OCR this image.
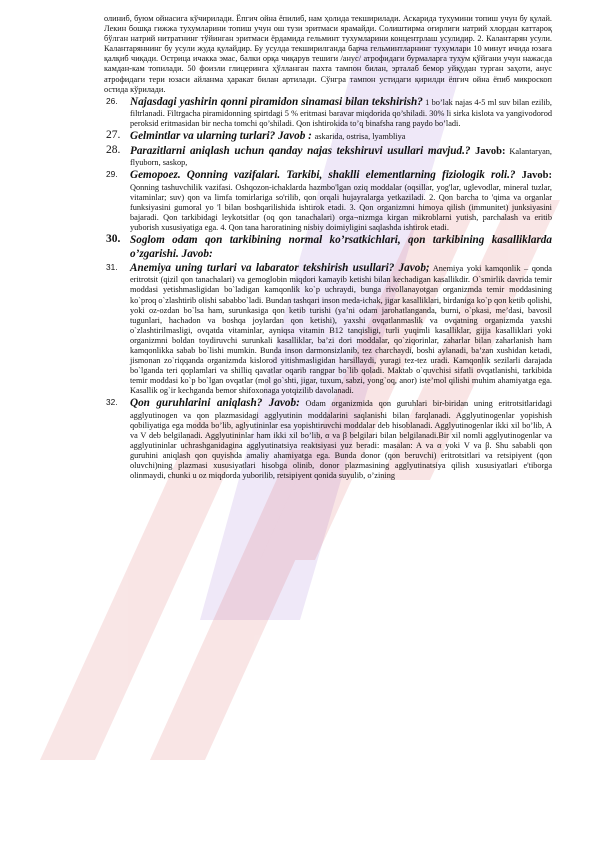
олиниб, буюм ойнасига кўчирилади. Ёпгич ойна ёпилиб, нам ҳолида текширилади. Аскарида тухумини топиш учун бу қулай. Лекин бошқа гижжа тухумларини топиш учун ош тузи эритмаси ярамайди. Солиштирма оғирлиги натрий хлордан каттароқ бўлган натрий нитратнинг тўйинган эритмаси ёрдамида гельминт тухумларини концентрлаш усулидир. 2. Калантарян усули. Калантаряннинг бу усули жуда қулайдир. Бу усулда текширилганда барча гельминтларнинг тухумлари 10 минут ичида юзага қалқиб чиқади. Острица ичакка эмас, балки орқа чиқарув тешиги /анус/ атрофидаги бурмаларга тухум қўйгани учун нажасда камдан-кам топилади. 50 фоизли глицеринга ҳўлланган пахта тампон билан, эрталаб бемор уйқудан турган заҳоти, анус атрофидаги тери юзаси айланма ҳаракат билан артилади. Сўнгра тампон устидаги қирилди ёпгич ойна ёпиб микроскоп остида кўрилади.

26.	Najasdagi yashirin qonni piramidon sinamasi bilan tekshirish? 1 bo’lak najas 4-5 ml suv bilan ezilib, filtrlanadi. Filtrgacha piramidonning spirtdagi 5 % eritmasi baravar miqdorida qo’shiladi. 30% li sirka kislota va yangivodorod peroksid eritmasidan bir necha tomchi qo’shiladi. Qon ishtirokida to’q binafsha rang paydo bo’ladi.
27. Gelmintlar va ularning turlari? Javob : askarida, ostrisa, lyambliya
28. Parazitlarni aniqlash uchun qanday najas tekshiruvi usullari mavjud.? Javob: Kalantaryan, flyuborn, saskop,
29.	Gemopoez. Qonning vazifalari. Tarkibi, shaklli elementlarning fiziologik roli.? Javob: Qonning tashuvchilik vazifasi. Oshqozon-ichaklarda hazmbo'lgan oziq moddalar (oqsillar, yog'lar, uglevodlar, mineral tuzlar, vitaminlar; suv) qon va limfa tomirlariga so'rilib, qon orqali hujayralarga yetkaziladi. 2. Qon barcha to 'qima va organlar funksiyasini gumoral yo 'l bilan boshqarilishida ishtirok etadi. 3. Qon organizmni himoya qilish (immunitet) junksiyasini bajaradi. Qon tarkibidagi leykotsitlar (oq qon tanachalari) orga¬nizmga kirgan mikroblarni yutish, parchalash va eritib yuborish xususiyatiga ega. 4. Qon tana haroratining nisbiy doimiyligini saqlashda ishtirok etadi.
30. Soglom odam qon tarkibining normal ko’rsatkichlari, qon tarkibining kasalliklarda o’zgarishi. Javob:
31.	Anemiya uning turlari va labarator tekshirish usullari? Javob; Anemiya yoki kamqonlik – qonda eritrotsit (qizil qon tanachalari) va gemoglobin miqdori kamayib ketishi bilan kechadigan kasallikdir. O`smirlik davrida temir moddasi yetishmasligidan bo`ladigan kamqonlik ko`p uchraydi, bunga rivollanayotgan organizmda temir moddasining ko`proq o`zlashtirib olishi sababbo`ladi. Bundan tashqari inson meda-ichak, jigar kasalliklari, birdaniga ko`p qon ketib qolishi, yoki oz-ozdan bo`lsa ham, surunkasiga qon ketib turishi (ya’ni odam jarohatlanganda, burni, o`pkasi, me’dasi, bavosil tugunlari, hachadon va boshqa joylardan qon ketishi), yaxshi ovqatlanmaslik va ovqatning organizmda yaxshi o`zlashtirilmasligi, ovqatda vitaminlar, ayniqsa vitamin B12 tanqisligi, turli yuqimli kasalliklar, gijja kasalliklari yoki organizmni boldan toydiruvchi surunkali kasalliklar, ba’zi dori moddalar, qo`ziqorinlar, zaharlar bilan zaharlanish ham kamqonlikka sabab bo`lishi mumkin. Bunda inson darmonsizlanib, tez charchaydi, boshi aylanadi, ba’zan xushidan ketadi, jismonan zo`riqqanda organizmda kislorod yitishmasligidan harsillaydi, yuragi tez-tez uradi. Kamqonlik sezilarli darajada bo`lganda teri qoplamlari va shilliq qavatlar oqarib rangpar bo`lib qoladi. Maktab o`quvchisi sifatli ovqatlanishi, tarkibida temir moddasi ko`p bo`lgan ovqatlar (mol go`shti, jigar, tuxum, sabzi, yong`oq, anor) iste’mol qilishi muhim ahamiyatga ega. Kasallik og`ir kechganda bemor shifoxonaga yotqizilib davolanadi.
32.	Qon guruhlarini aniqlash? Javob: Odam organizmida qon guruhlari bir-biridan uning eritrotsitlaridagi agglyutinogen va qon plazmasidagi agglyutinin moddalarini saqlanishi bilan farqlanadi. Agglyutinogenlar yopishish qobiliyatiga ega modda bo’lib, aglyutininlar esa yopishtiruvchi moddalar deb hisoblanadi. Agglyutinogenlar ikki xil bo’lib, A va V deb belgilanadi. Agglyutininlar ham ikki xil bo’lib, α va β belgilari bilan belgilanadi.Bir xil nomli agglyutinogenlar va agglyutininlar uchrashganidagina agglyutinatsiya reaktsiyasi yuz beradi: masalan: A va α yoki V va β. Shu sababli qon guruhini aniqlash qon quyishda amaliy ahamiyatga ega. Bunda donor (qon beruvchi) eritrotsitlari va retsipiyent (qon oluvchi)ning plazmasi xususiyatlari hisobga olinib, donor plazmasining agglyutinatsiya qilish xususiyatlari e'tiborga olinmaydi, chunki u oz miqdorda yuborilib, retsipiyent qonida suyulib, o’zining
